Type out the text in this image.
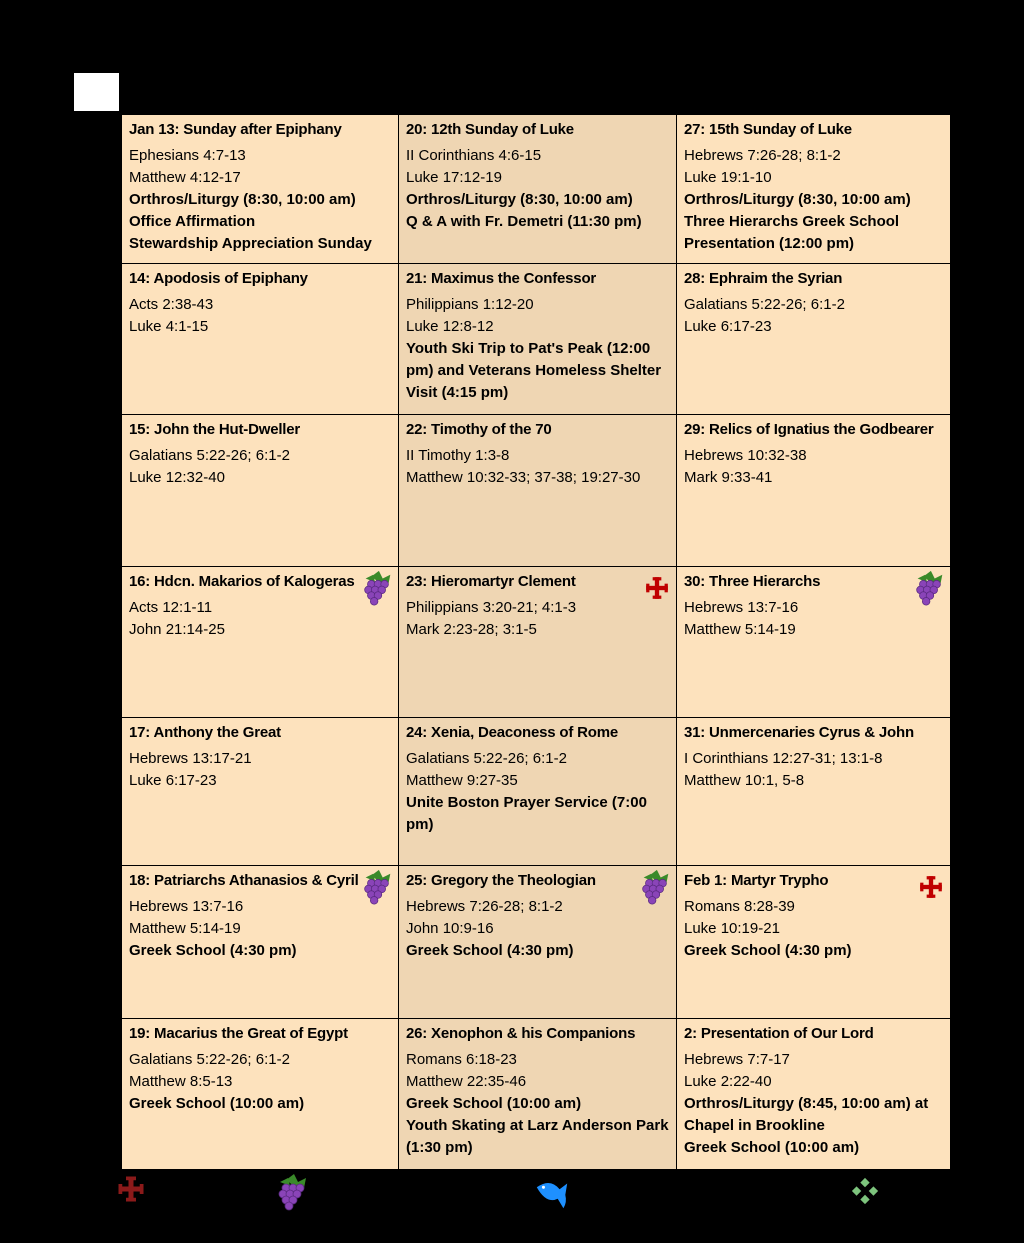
Jan 13: Sunday after Epiphany
Ephesians 4:7-13
Matthew 4:12-17
Orthros/Liturgy (8:30, 10:00 am)
Office Affirmation
Stewardship Appreciation Sunday
20: 12th Sunday of Luke
II Corinthians 4:6-15
Luke 17:12-19
Orthros/Liturgy (8:30, 10:00 am)
Q & A with Fr. Demetri (11:30 pm)
27: 15th Sunday of Luke
Hebrews 7:26-28; 8:1-2
Luke 19:1-10
Orthros/Liturgy (8:30, 10:00 am)
Three Hierarchs Greek School Presentation (12:00 pm)
14: Apodosis of Epiphany
Acts 2:38-43
Luke 4:1-15
21: Maximus the Confessor
Philippians 1:12-20
Luke 12:8-12
Youth Ski Trip to Pat's Peak (12:00 pm) and Veterans Homeless Shelter Visit (4:15 pm)
28: Ephraim the Syrian
Galatians 5:22-26; 6:1-2
Luke 6:17-23
15: John the Hut-Dweller
Galatians 5:22-26; 6:1-2
Luke 12:32-40
22: Timothy of the 70
II Timothy 1:3-8
Matthew 10:32-33; 37-38; 19:27-30
29: Relics of Ignatius the Godbearer
Hebrews 10:32-38
Mark 9:33-41
16: Hdcn. Makarios of Kalogeras
Acts 12:1-11
John 21:14-25
23: Hieromartyr Clement
Philippians 3:20-21; 4:1-3
Mark 2:23-28; 3:1-5
30: Three Hierarchs
Hebrews 13:7-16
Matthew 5:14-19
17: Anthony the Great
Hebrews 13:17-21
Luke 6:17-23
24: Xenia, Deaconess of Rome
Galatians 5:22-26; 6:1-2
Matthew 9:27-35
Unite Boston Prayer Service (7:00 pm)
31: Unmercenaries Cyrus & John
I Corinthians 12:27-31; 13:1-8
Matthew 10:1, 5-8
18: Patriarchs Athanasios & Cyril
Hebrews 13:7-16
Matthew 5:14-19
Greek School (4:30 pm)
25: Gregory the Theologian
Hebrews 7:26-28; 8:1-2
John 10:9-16
Greek School (4:30 pm)
Feb 1: Martyr Trypho
Romans 8:28-39
Luke 10:19-21
Greek School (4:30 pm)
19: Macarius the Great of Egypt
Galatians 5:22-26; 6:1-2
Matthew 8:5-13
Greek School (10:00 am)
26: Xenophon & his Companions
Romans 6:18-23
Matthew 22:35-46
Greek School (10:00 am)
Youth Skating at Larz Anderson Park (1:30 pm)
2: Presentation of Our Lord
Hebrews 7:7-17
Luke 2:22-40
Orthros/Liturgy (8:45, 10:00 am) at Chapel in Brookline
Greek School (10:00 am)
